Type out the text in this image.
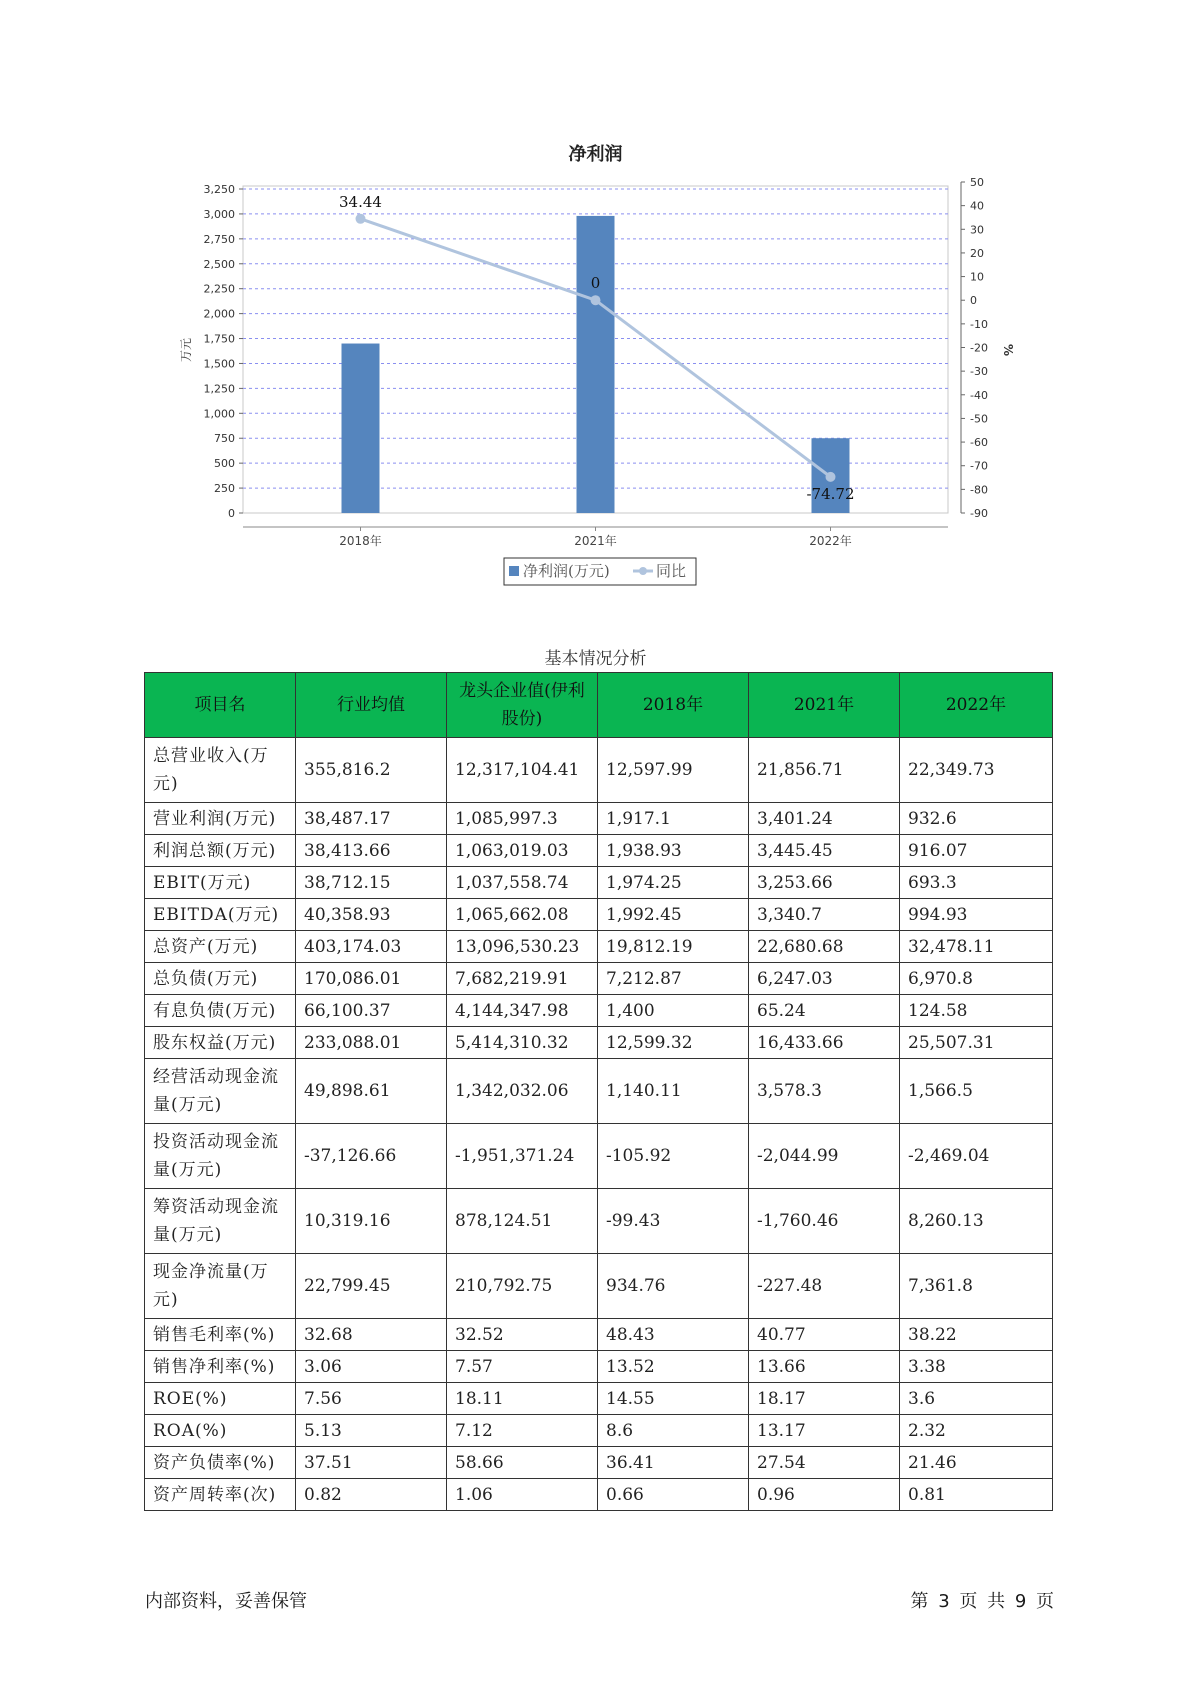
净利润
0
250
500
750
1,000
1,250
1,500
1,750
2,000
2,250
2,500
2,750
3,000
3,250
-90
-80
-70
-60
-50
-40
-30
-20
-10
0
10
20
30
40
50
万元	%
2018年	2021年	2022年
34.44
0
-74.72
净利润(万元)	同比
基本情况分析
项目名	行业均值	龙头企业值(伊利股份)	2018年	2021年	2022年
总营业收入(万元)	355,816.2	12,317,104.41	12,597.99	21,856.71	22,349.73
营业利润(万元)	38,487.17	1,085,997.3	1,917.1	3,401.24	932.6
利润总额(万元)	38,413.66	1,063,019.03	1,938.93	3,445.45	916.07
EBIT(万元)	38,712.15	1,037,558.74	1,974.25	3,253.66	693.3
EBITDA(万元)	40,358.93	1,065,662.08	1,992.45	3,340.7	994.93
总资产(万元)	403,174.03	13,096,530.23	19,812.19	22,680.68	32,478.11
总负债(万元)	170,086.01	7,682,219.91	7,212.87	6,247.03	6,970.8
有息负债(万元)	66,100.37	4,144,347.98	1,400	65.24	124.58
股东权益(万元)	233,088.01	5,414,310.32	12,599.32	16,433.66	25,507.31
经营活动现金流量(万元)	49,898.61	1,342,032.06	1,140.11	3,578.3	1,566.5
投资活动现金流量(万元)	-37,126.66	-1,951,371.24	-105.92	-2,044.99	-2,469.04
筹资活动现金流量(万元)	10,319.16	878,124.51	-99.43	-1,760.46	8,260.13
现金净流量(万元)	22,799.45	210,792.75	934.76	-227.48	7,361.8
销售毛利率(%)	32.68	32.52	48.43	40.77	38.22
销售净利率(%)	3.06	7.57	13.52	13.66	3.38
ROE(%)	7.56	18.11	14.55	18.17	3.6
ROA(%)	5.13	7.12	8.6	13.17	2.32
资产负债率(%)	37.51	58.66	36.41	27.54	21.46
资产周转率(次)	0.82	1.06	0.66	0.96	0.81
内部资料，妥善保管	第 3 页 共 9 页
